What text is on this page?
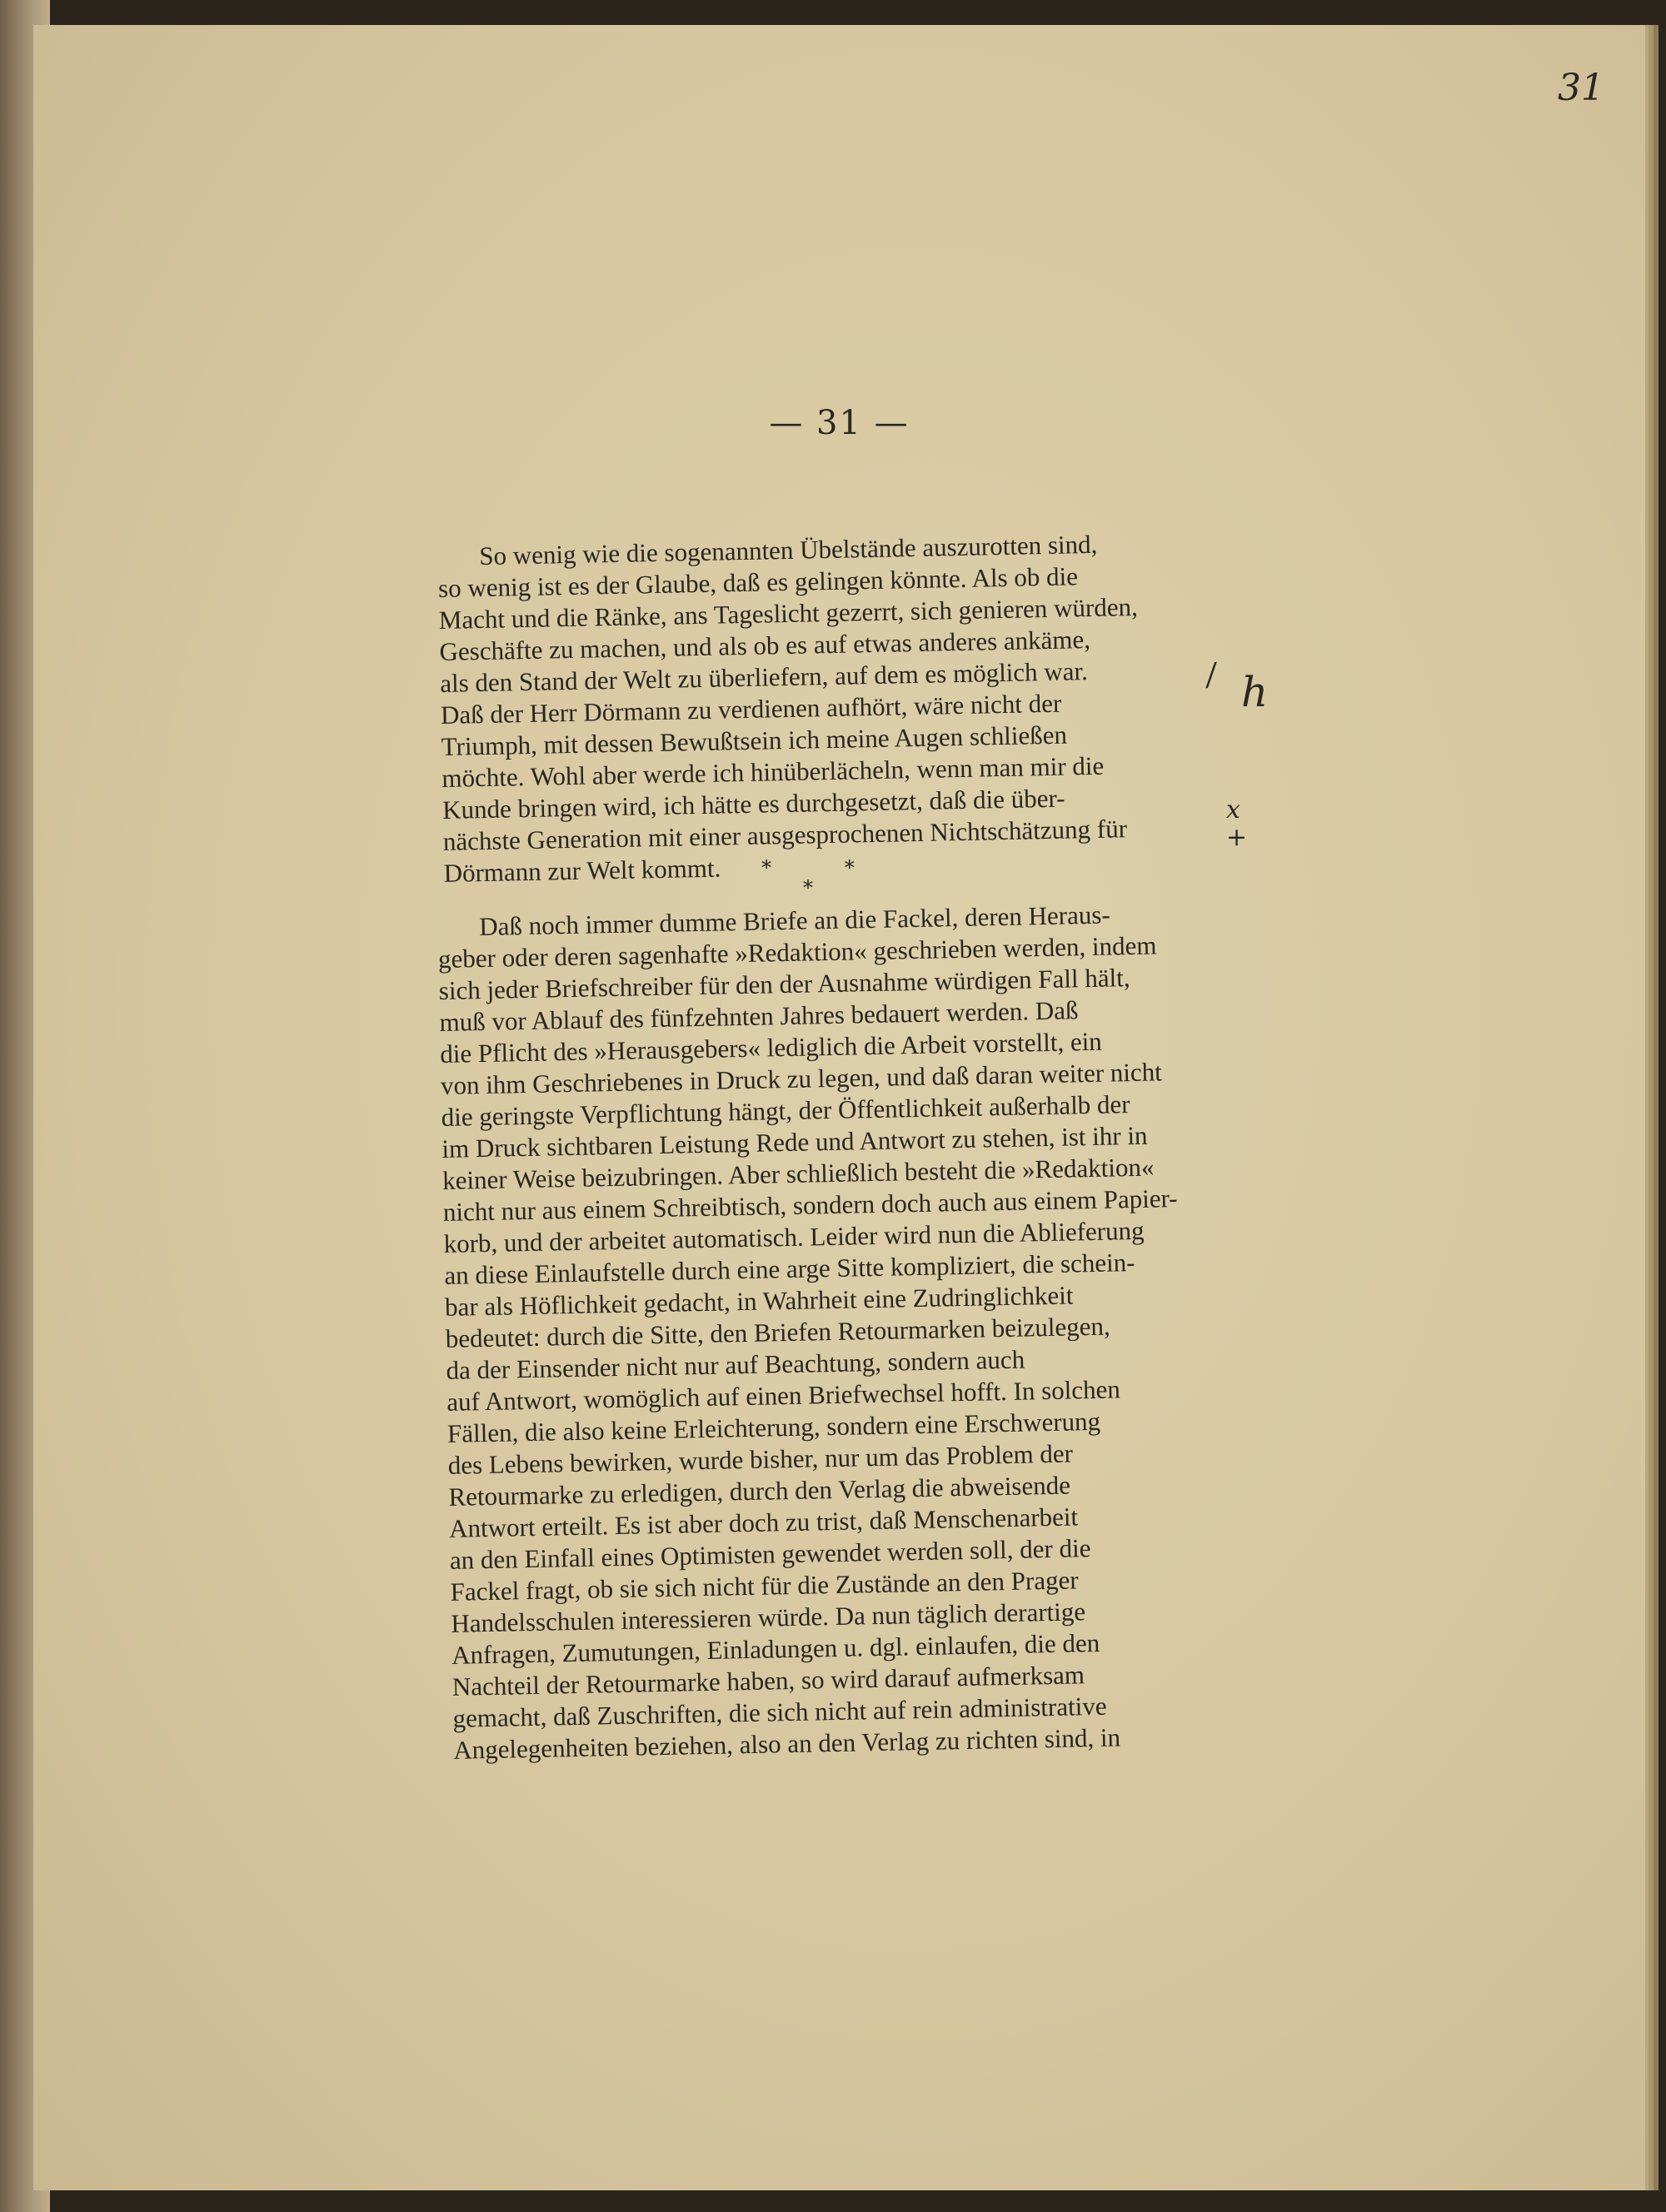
31
— 31 —
So wenig wie die sogenannten Übelstände auszurotten sind,
so wenig ist es der Glaube, daß es gelingen könnte. Als ob die
Macht und die Ränke, ans Tageslicht gezerrt, sich genieren würden,
Geschäfte zu machen, und als ob es auf etwas anderes ankäme,
als den Stand der Welt zu überliefern, auf dem es möglich war.
Daß der Herr Dörmann zu verdienen aufhört, wäre nicht der
Triumph, mit dessen Bewußtsein ich meine Augen schließen
möchte. Wohl aber werde ich hinüberlächeln, wenn man mir die
Kunde bringen wird, ich hätte es durchgesetzt, daß die über-
nächste Generation mit einer ausgesprochenen Nichtschätzung für
Dörmann zur Welt kommt.	* * *
Daß noch immer dumme Briefe an die Fackel, deren Heraus-
geber oder deren sagenhafte »Redaktion« geschrieben werden, indem
sich jeder Briefschreiber für den der Ausnahme würdigen Fall hält,
muß vor Ablauf des fünfzehnten Jahres bedauert werden. Daß
die Pflicht des »Herausgebers« lediglich die Arbeit vorstellt, ein
von ihm Geschriebenes in Druck zu legen, und daß daran weiter nicht
die geringste Verpflichtung hängt, der Öffentlichkeit außerhalb der
im Druck sichtbaren Leistung Rede und Antwort zu stehen, ist ihr in
keiner Weise beizubringen. Aber schließlich besteht die »Redaktion«
nicht nur aus einem Schreibtisch, sondern doch auch aus einem Papier-
korb, und der arbeitet automatisch. Leider wird nun die Ablieferung
an diese Einlaufstelle durch eine arge Sitte kompliziert, die schein-
bar als Höflichkeit gedacht, in Wahrheit eine Zudringlichkeit
bedeutet: durch die Sitte, den Briefen Retourmarken beizulegen,
da der Einsender nicht nur auf Beachtung, sondern auch
auf Antwort, womöglich auf einen Briefwechsel hofft. In solchen
Fällen, die also keine Erleichterung, sondern eine Erschwerung
des Lebens bewirken, wurde bisher, nur um das Problem der
Retourmarke zu erledigen, durch den Verlag die abweisende
Antwort erteilt. Es ist aber doch zu trist, daß Menschenarbeit
an den Einfall eines Optimisten gewendet werden soll, der die
Fackel fragt, ob sie sich nicht für die Zustände an den Prager
Handelsschulen interessieren würde. Da nun täglich derartige
Anfragen, Zumutungen, Einladungen u. dgl. einlaufen, die den
Nachteil der Retourmarke haben, so wird darauf aufmerksam
gemacht, daß Zuschriften, die sich nicht auf rein administrative
Angelegenheiten beziehen, also an den Verlag zu richten sind, in
/ h
x
+
